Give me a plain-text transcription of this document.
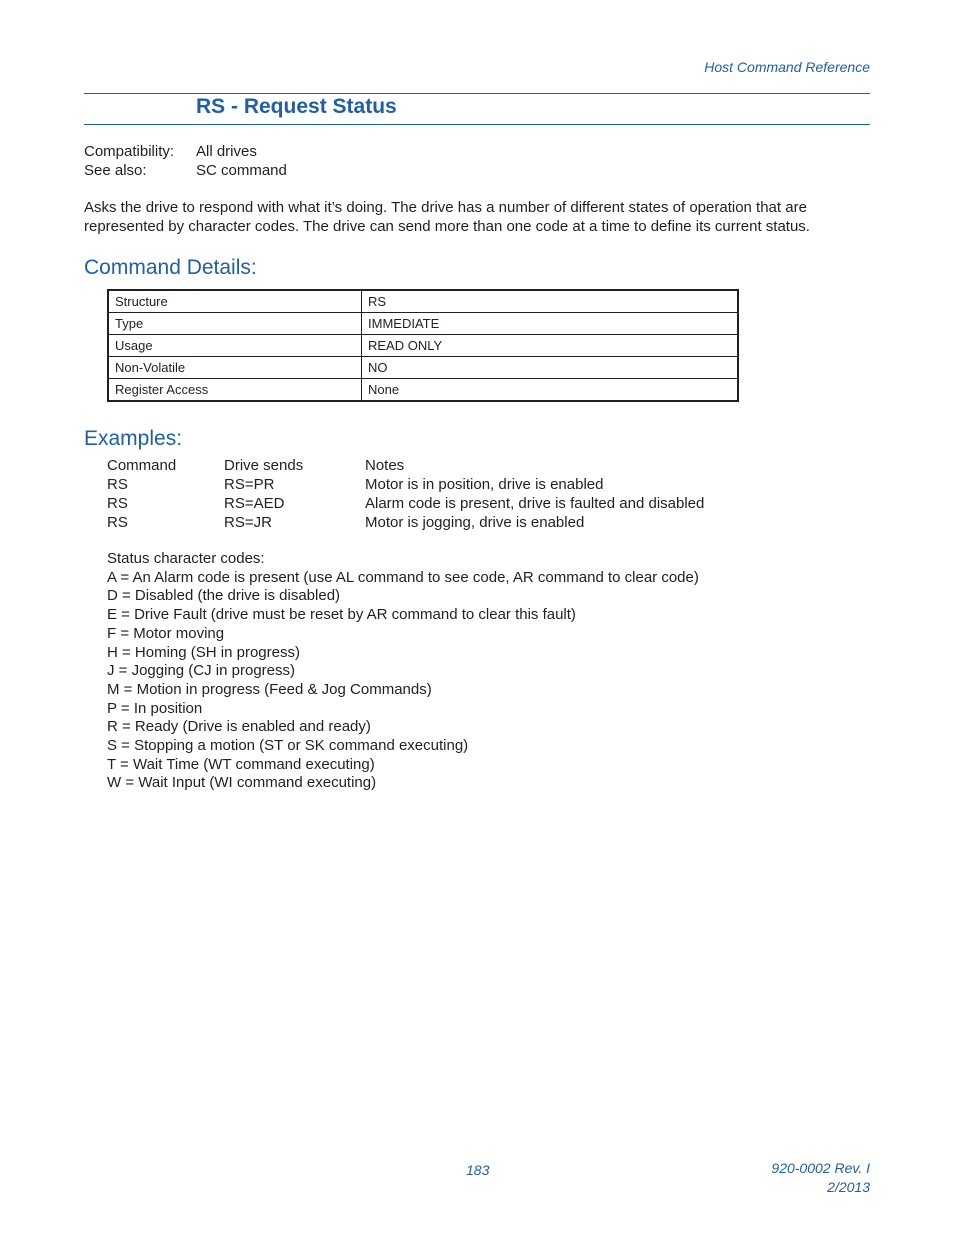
Host Command Reference
RS - Request Status
Compatibility:	All drives
See also:	SC command
Asks the drive to respond with what it’s doing. The drive has a number of different states of operation that are represented by character codes. The drive can send more than one code at a time to define its current status.
Command Details:
Structure	RS
Type	IMMEDIATE
Usage	READ ONLY
Non-Volatile	NO
Register Access	None
Examples:
Command	Drive sends	Notes
RS	RS=PR	Motor is in position, drive is enabled
RS	RS=AED	Alarm code is present, drive is faulted and disabled
RS	RS=JR	Motor is jogging, drive is enabled
Status character codes:
A = An Alarm code is present (use AL command to see code, AR command to clear code)
D = Disabled (the drive is disabled)
E = Drive Fault (drive must be reset by AR command to clear this fault)
F = Motor moving
H = Homing (SH in progress)
J = Jogging (CJ in progress)
M = Motion in progress (Feed & Jog Commands)
P = In position
R = Ready (Drive is enabled and ready)
S = Stopping a motion (ST or SK command executing)
T = Wait Time (WT command executing)
W = Wait Input (WI command executing)
183	920-0002 Rev. I
2/2013
